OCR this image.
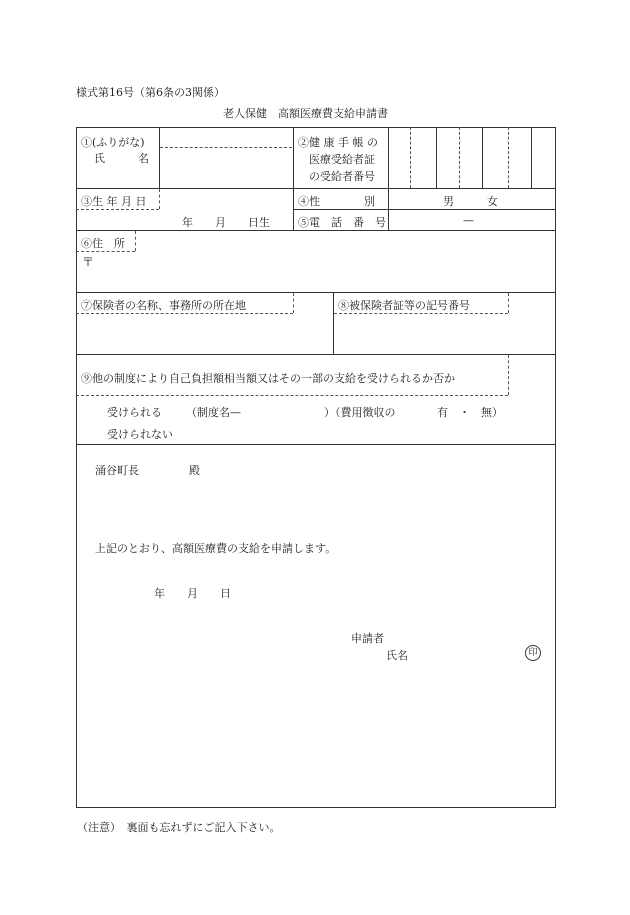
様式第16号（第6条の3関係）
老人保健　高額医療費支給申請書
①(ふりがな)
氏　　　名
②健 康 手 帳 の
医療受給者証
の受給者番号
③生 年 月 日
年　　月　　日生
④性　　　　別	男　　　女
⑤電　話　番　号	—
⑥住　所
〒
⑦保険者の名称、事務所の所在地	⑧被保険者証等の記号番号
⑨他の制度により自己負担額相当額又はその一部の支給を受けられるか否か
受けられる （制度名—	）（費用徴収の	有　・　無）
受けられない
涌谷町長	殿
上記のとおり、高額医療費の支給を申請します。
年　　月　　日
申請者
氏名	印
（注意）　裏面も忘れずにご記入下さい。
